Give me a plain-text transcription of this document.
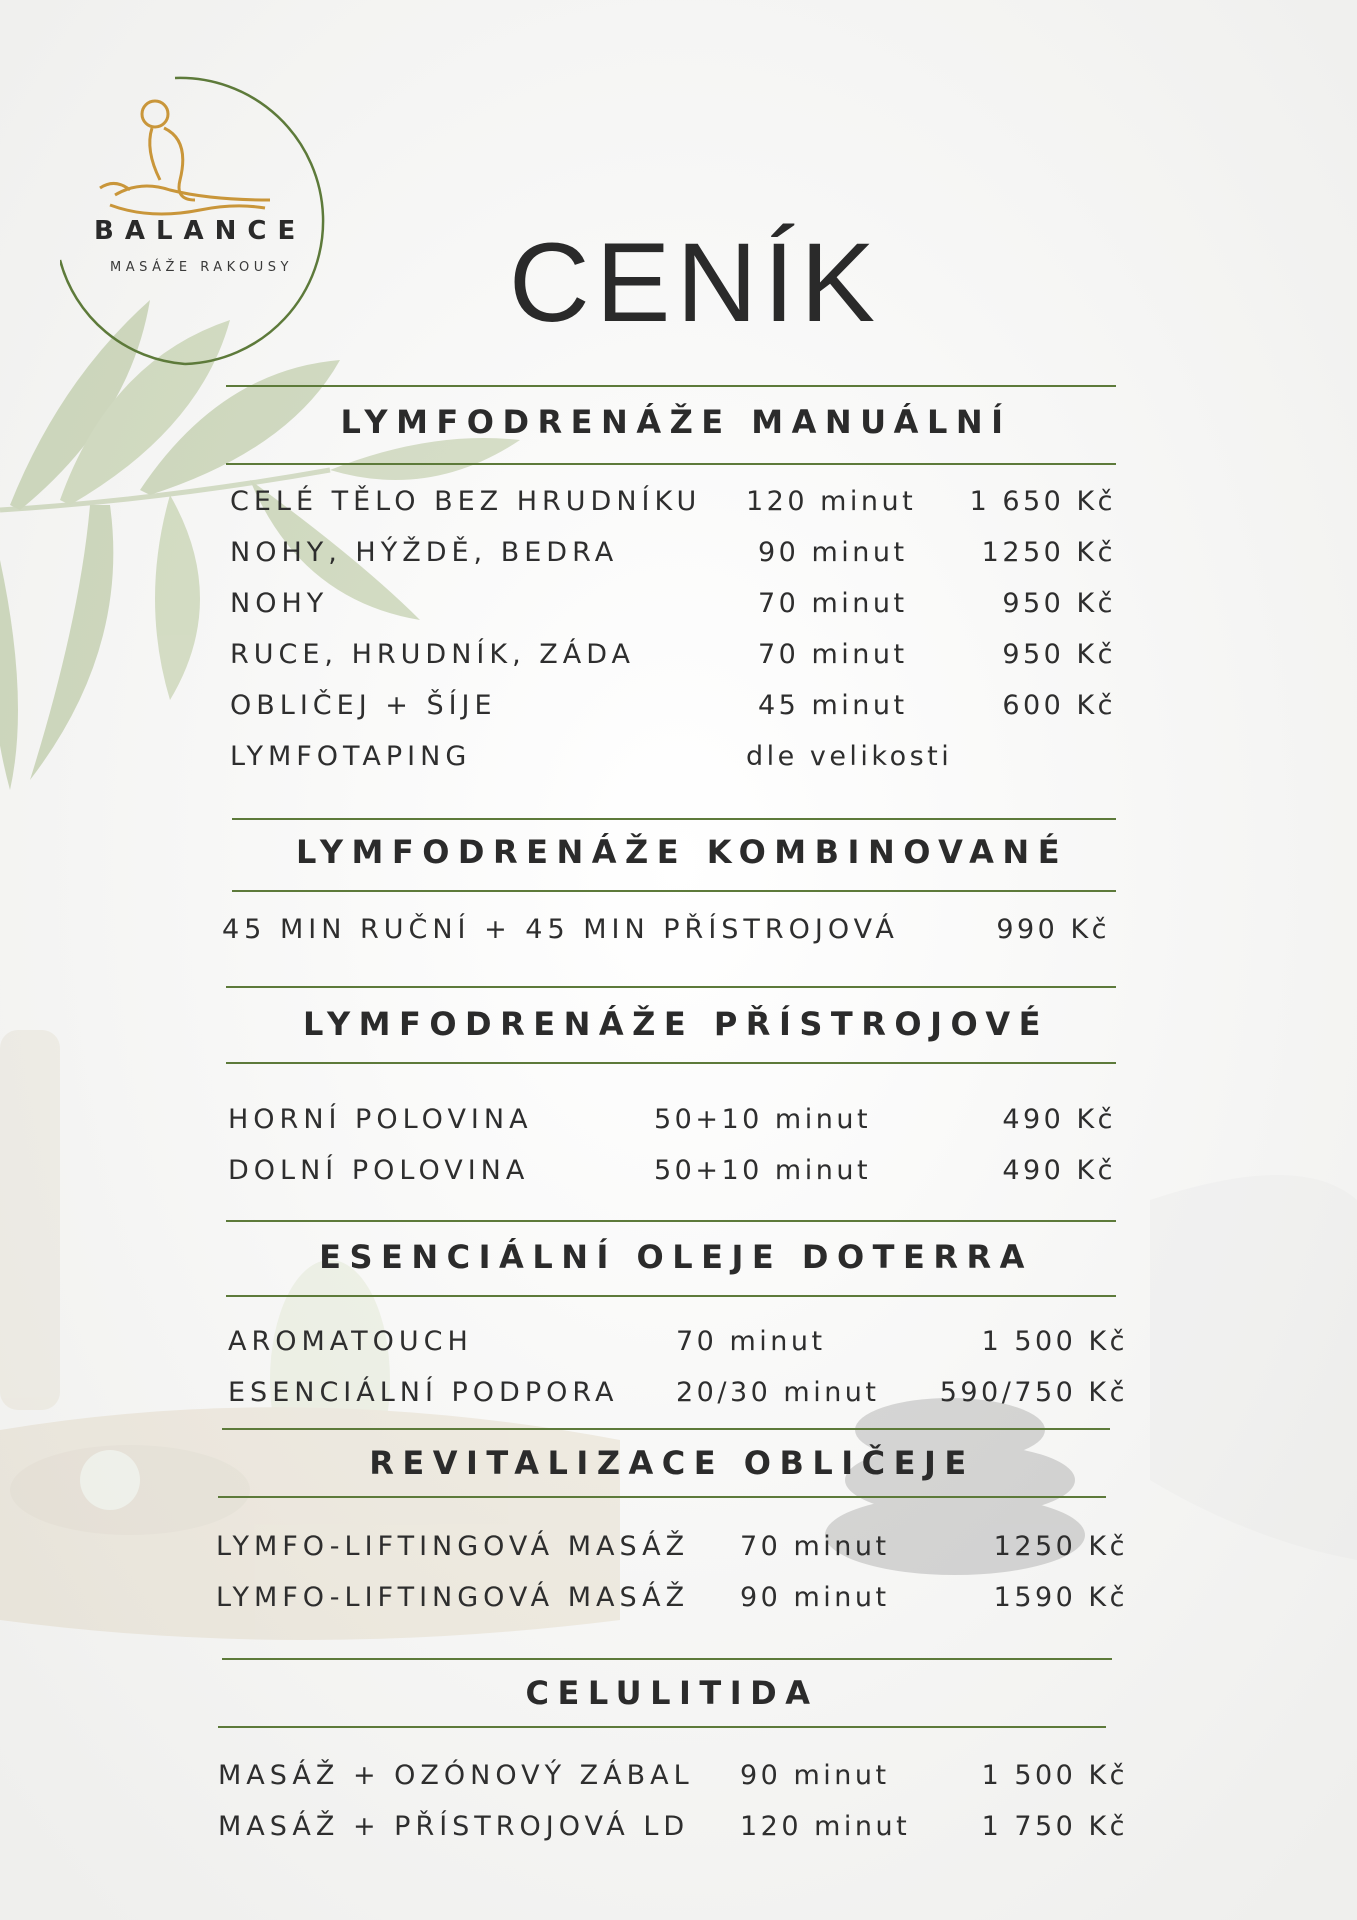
BALANCE
MASÁŽE RAKOUSY	CENÍK
LYMFODRENÁŽE MANUÁLNÍ
CELÉ TĚLO BEZ HRUDNÍKU 120 minut 1 650 Kč
NOHY, HÝŽDĚ, BEDRA	90 minut	1250 Kč
NOHY	70 minut	950 Kč
RUCE, HRUDNÍK, ZÁDA	70 minut	950 Kč
OBLIČEJ + ŠÍJE	45 minut	600 Kč
LYMFOTAPING	dle velikosti
LYMFODRENÁŽE KOMBINOVANÉ
45 MIN RUČNÍ + 45 MIN PŘÍSTROJOVÁ	990 Kč
LYMFODRENÁŽE PŘÍSTROJOVÉ
HORNÍ POLOVINA	50+10 minut	490 Kč
DOLNÍ POLOVINA	50+10 minut	490 Kč
ESENCIÁLNÍ OLEJE DOTERRA
AROMATOUCH	70 minut	1 500 Kč
ESENCIÁLNÍ PODPORA 20/30 minut 590/750 Kč
REVITALIZACE OBLIČEJE
LYMFO-LIFTINGOVÁ MASÁŽ 70 minut	1250 Kč
LYMFO-LIFTINGOVÁ MASÁŽ 90 minut	1590 Kč
CELULITIDA
MASÁŽ + OZÓNOVÝ ZÁBAL 90 minut	1 500 Kč
MASÁŽ + PŘÍSTROJOVÁ LD 120 minut	1 750 Kč
